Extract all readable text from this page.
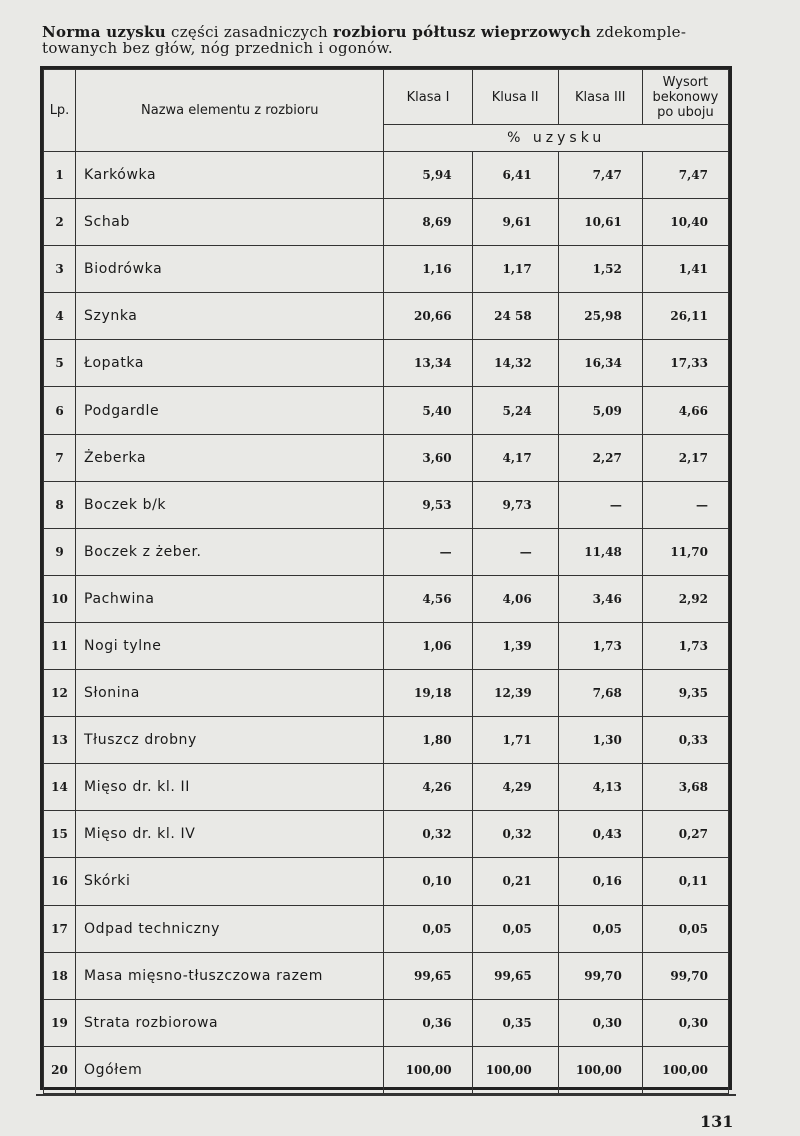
Norma uzysku części zasadniczych rozbioru półtusz wieprzowych zdekomple-
towanych bez głów, nóg przednich i ogonów.
Lp.	Nazwa elementu z rozbioru	Klasa I	Klusa II	Klasa III	Wysort bekonowy po uboju
		% uzysku			
1	Karkówka	5,94	6,41	7,47	7,47
2	Schab	8,69	9,61	10,61	10,40
3	Biodrówka	1,16	1,17	1,52	1,41
4	Szynka	20,66	24 58	25,98	26,11
5	Łopatka	13,34	14,32	16,34	17,33
6	Podgardle	5,40	5,24	5,09	4,66
7	Żeberka	3,60	4,17	2,27	2,17
8	Boczek b/k	9,53	9,73	—	—
9	Boczek z żeber.	—	—	11,48	11,70
10	Pachwina	4,56	4,06	3,46	2,92
11	Nogi tylne	1,06	1,39	1,73	1,73
12	Słonina	19,18	12,39	7,68	9,35
13	Tłuszcz drobny	1,80	1,71	1,30	0,33
14	Mięso dr. kl. II	4,26	4,29	4,13	3,68
15	Mięso dr. kl. IV	0,32	0,32	0,43	0,27
16	Skórki	0,10	0,21	0,16	0,11
17	Odpad techniczny	0,05	0,05	0,05	0,05
18	Masa mięsno-tłuszczowa razem	99,65	99,65	99,70	99,70
19	Strata rozbiorowa	0,36	0,35	0,30	0,30
20	Ogółem	100,00	100,00	100,00	100,00
131
